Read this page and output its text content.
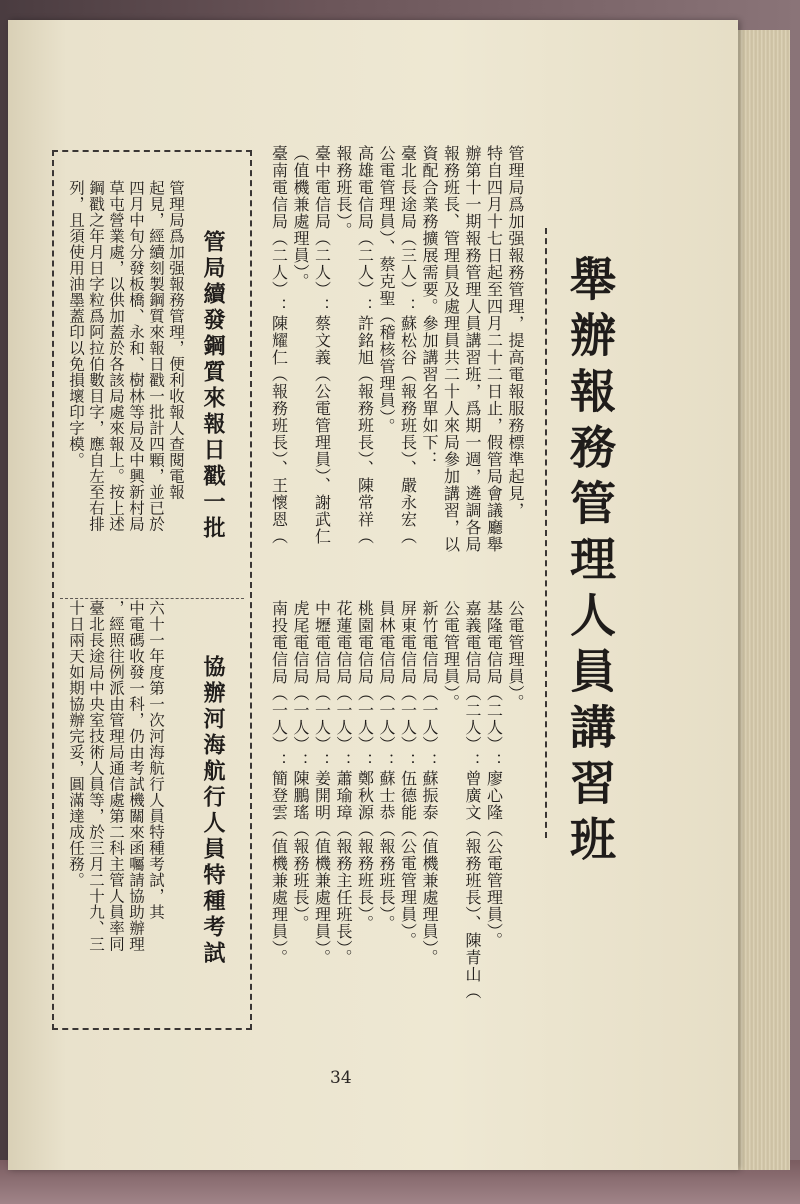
舉辦報務管理人員講習班
管理局爲加强報務管理，提高電報服務標準起見，
特自四月十七日起至四月二十二日止，假管局會議廳舉
辦第十一期報務管理人員講習班，爲期一週，遴調各局
報務班長、管理員及處理員共二十人來局參加講習，以
資配合業務擴展需要。參加講習名單如下：
臺北長途局（三人）：蘇松谷（報務班長）、嚴永宏（
公電管理員）、蔡克聖（稽核管理員）。
高雄電信局（二人）：許銘旭（報務班長）、陳常祥（
報務班長）。
臺中電信局（二人）：蔡文義（公電管理員）、謝武仁
（值機兼處理員）。
臺南電信局（二人）：陳耀仁（報務班長）、王懷恩（
公電管理員）。
基隆電信局（二人）：廖心隆（公電管理員）。
嘉義電信局（二人）：曾廣文（報務班長）、陳青山（
公電管理員）。
新竹電信局（一人）：蘇振泰（值機兼處理員）。
屏東電信局（一人）：伍德能（公電管理員）。
員林電信局（一人）：蘇士恭（報務班長）。
桃園電信局（一人）：鄭秋源（報務班長）。
花蓮電信局（一人）：蕭瑜璋（報務主任班長）。
中壢電信局（一人）：姜開明（值機兼處理員）。
虎尾電信局（一人）：陳鵬瑤（報務班長）。
南投電信局（一人）：簡登雲（值機兼處理員）。
管局續發鋼質來報日戳一批
管理局爲加强報務管理，便利收報人查閱電報
起見，經續刻製鋼質來報日戳一批計四顆，並已於
四月中旬分發板橋、永和、樹林等局及中興新村局
草屯營業處，以供加蓋於各該局處來報上。按上述
鋼戳之年月日字粒爲阿拉伯數目字，應自左至右排
列，且須使用油墨蓋印以免損壞印字模。
協辦河海航行人員特種考試
六十一年度第一次河海航行人員特種考試，其
中電碼收發一科，仍由考試機關來函囑請協助辦理
，經照往例派由管理局通信處第二科主管人員率同
臺北長途局中央室技術人員等，於三月二十九、三
十日兩天如期協辦完妥，圓滿達成任務。
34
